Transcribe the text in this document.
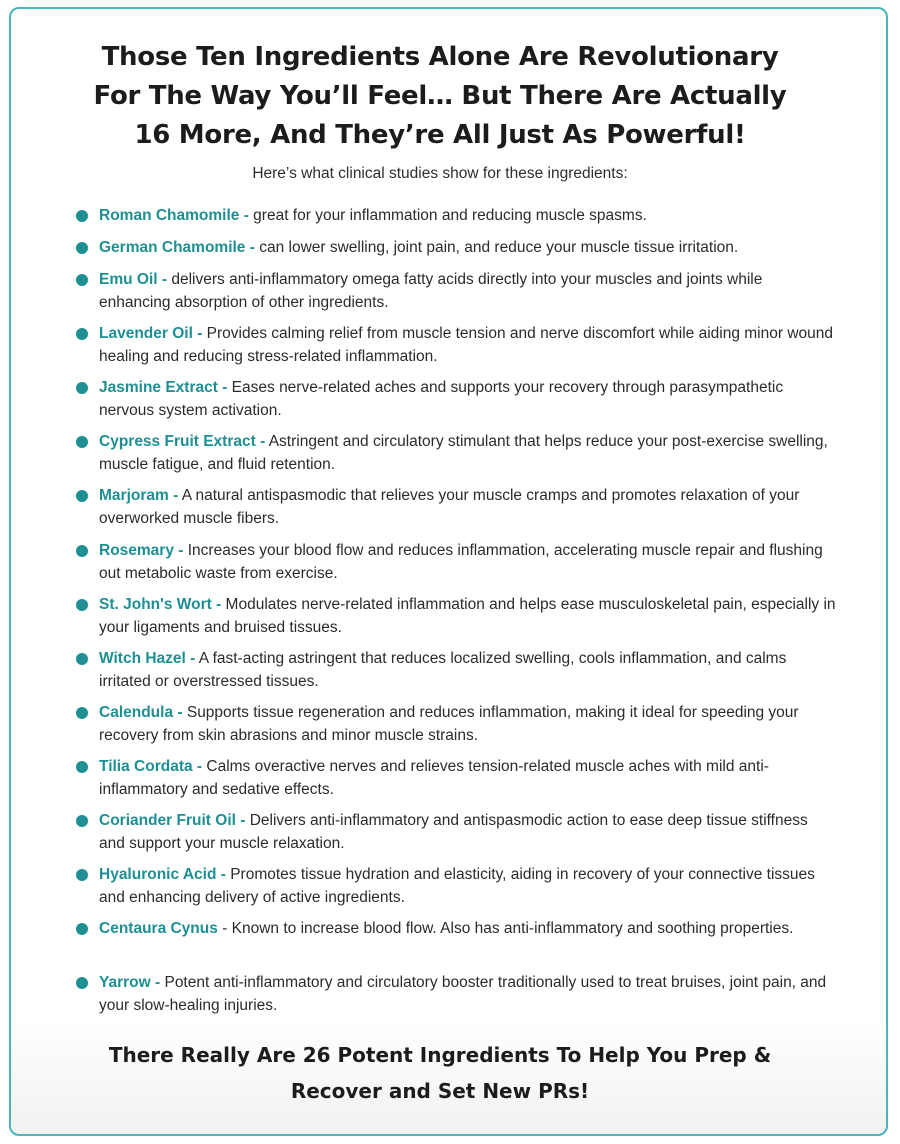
Those Ten Ingredients Alone Are Revolutionary
For The Way You’ll Feel… But There Are Actually
16 More, And They’re All Just As Powerful!

Here’s what clinical studies show for these ingredients:

Roman Chamomile - great for your inflammation and reducing muscle spasms.
German Chamomile - can lower swelling, joint pain, and reduce your muscle tissue irritation.
Emu Oil - delivers anti-inflammatory omega fatty acids directly into your muscles and joints while enhancing absorption of other ingredients.
Lavender Oil - Provides calming relief from muscle tension and nerve discomfort while aiding minor wound healing and reducing stress-related inflammation.
Jasmine Extract - Eases nerve-related aches and supports your recovery through parasympathetic nervous system activation.
Cypress Fruit Extract - Astringent and circulatory stimulant that helps reduce your post-exercise swelling, muscle fatigue, and fluid retention.
Marjoram - A natural antispasmodic that relieves your muscle cramps and promotes relaxation of your overworked muscle fibers.
Rosemary - Increases your blood flow and reduces inflammation, accelerating muscle repair and flushing out metabolic waste from exercise.
St. John's Wort - Modulates nerve-related inflammation and helps ease musculoskeletal pain, especially in your ligaments and bruised tissues.
Witch Hazel - A fast-acting astringent that reduces localized swelling, cools inflammation, and calms irritated or overstressed tissues.
Calendula - Supports tissue regeneration and reduces inflammation, making it ideal for speeding your recovery from skin abrasions and minor muscle strains.
Tilia Cordata - Calms overactive nerves and relieves tension-related muscle aches with mild anti-inflammatory and sedative effects.
Coriander Fruit Oil - Delivers anti-inflammatory and antispasmodic action to ease deep tissue stiffness and support your muscle relaxation.
Hyaluronic Acid - Promotes tissue hydration and elasticity, aiding in recovery of your connective tissues and enhancing delivery of active ingredients.
Centaura Cynus - Known to increase blood flow. Also has anti-inflammatory and soothing properties.
Yarrow - Potent anti-inflammatory and circulatory booster traditionally used to treat bruises, joint pain, and your slow-healing injuries.
There Really Are 26 Potent Ingredients To Help You Prep &
Recover and Set New PRs!
